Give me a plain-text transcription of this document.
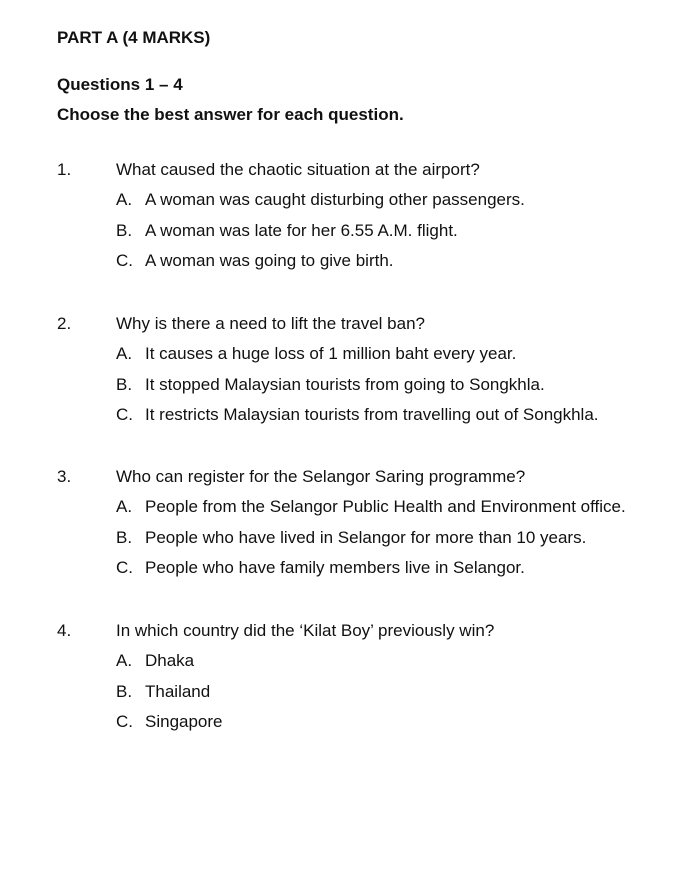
PART A (4 MARKS)
Questions 1 – 4
Choose the best answer for each question.
1.	What caused the chaotic situation at the airport?
A. A woman was caught disturbing other passengers.
B. A woman was late for her 6.55 A.M. flight.
C. A woman was going to give birth.
2.	Why is there a need to lift the travel ban?
A. It causes a huge loss of 1 million baht every year.
B. It stopped Malaysian tourists from going to Songkhla.
C. It restricts Malaysian tourists from travelling out of Songkhla.
3.	Who can register for the Selangor Saring programme?
A. People from the Selangor Public Health and Environment office.
B. People who have lived in Selangor for more than 10 years.
C. People who have family members live in Selangor.
4.	In which country did the ‘Kilat Boy’ previously win?
A. Dhaka
B. Thailand
C. Singapore
